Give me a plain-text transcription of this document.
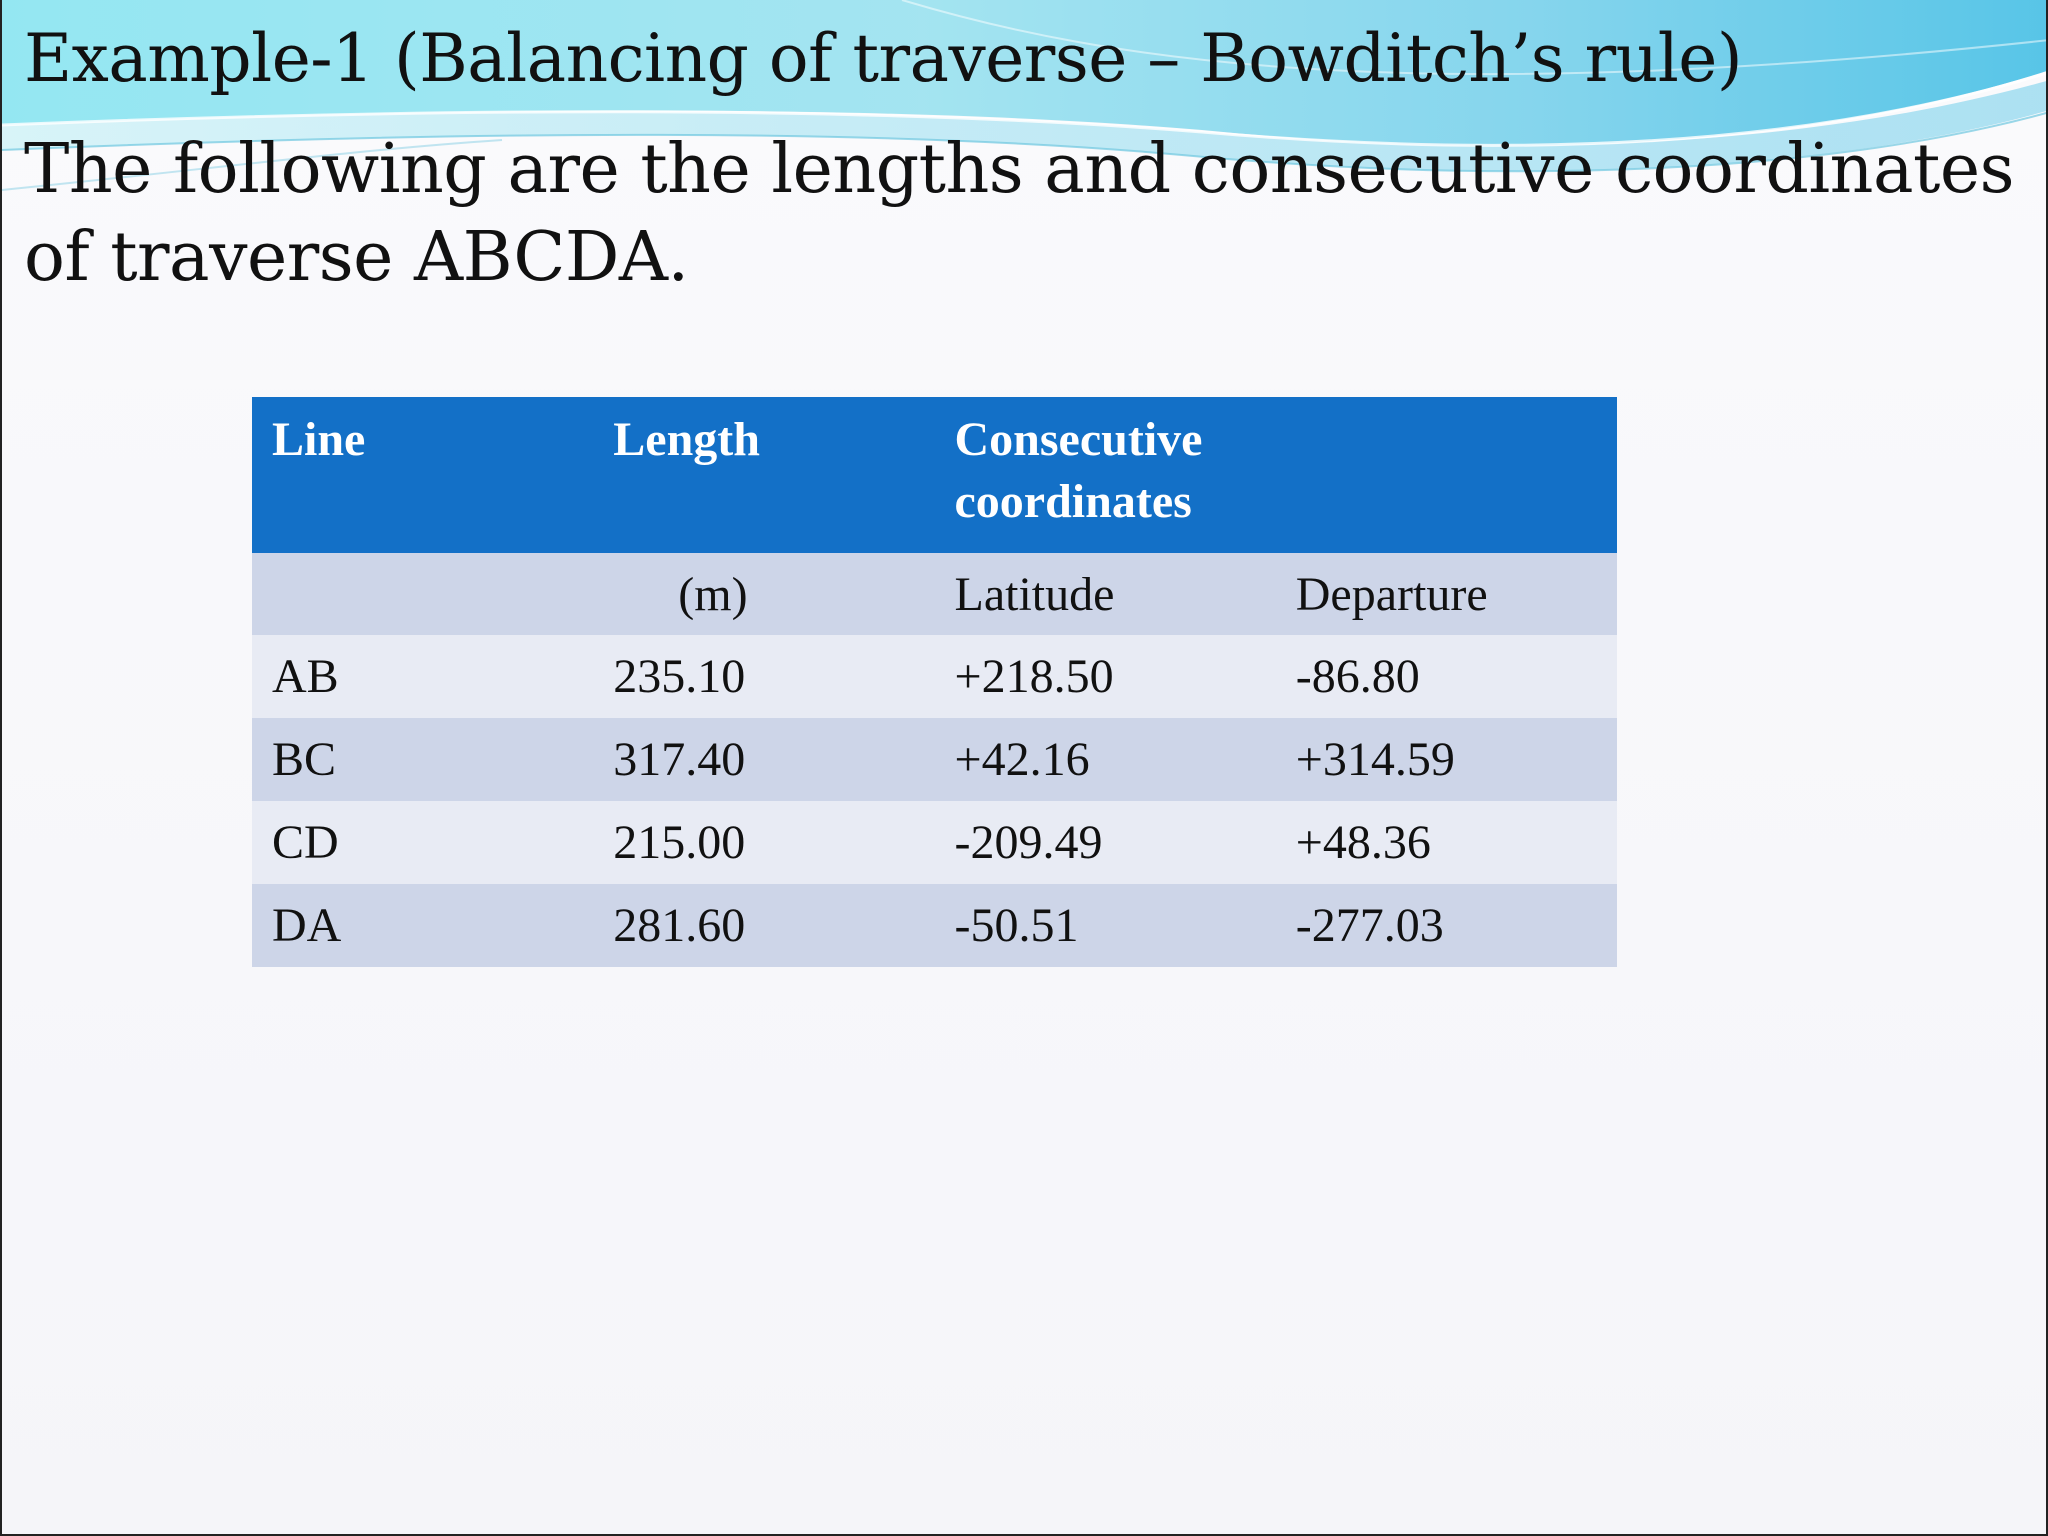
Example-1 (Balancing of traverse – Bowditch’s rule)

The following are the lengths and consecutive coordinates of traverse ABCDA.

Line	Length	Consecutive coordinates	
	(m)	Latitude	Departure
AB	235.10	+218.50	-86.80
BC	317.40	+42.16	+314.59
CD	215.00	-209.49	+48.36
DA	281.60	-50.51	-277.03
